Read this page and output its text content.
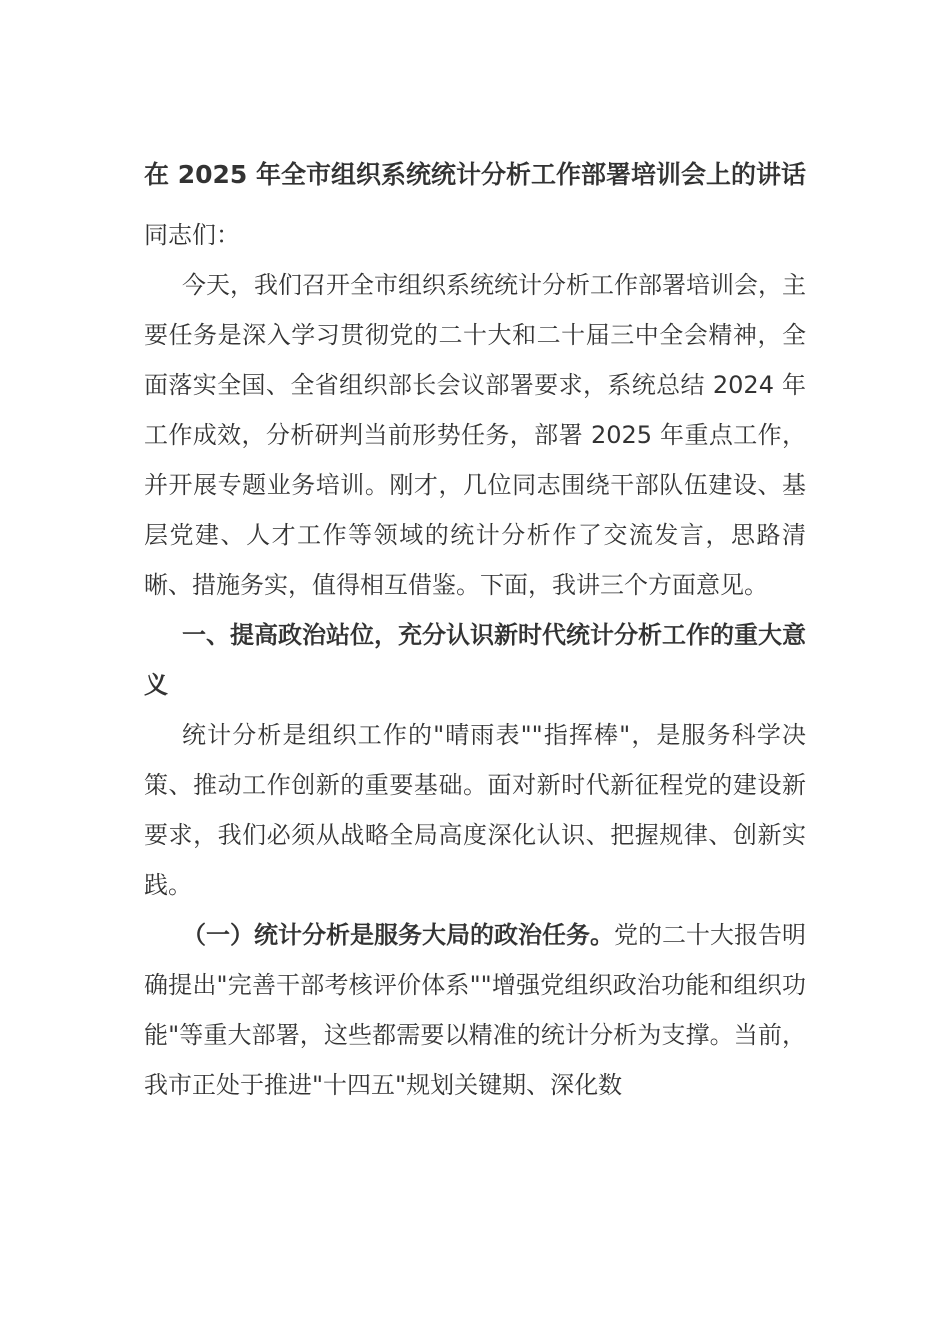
在 2025 年全市组织系统统计分析工作部署培训会上的讲话

同志们：

今天，我们召开全市组织系统统计分析工作部署培训会，主要任务是深入学习贯彻党的二十大和二十届三中全会精神，全面落实全国、全省组织部长会议部署要求，系统总结 2024 年工作成效，分析研判当前形势任务，部署 2025 年重点工作，并开展专题业务培训。刚才，几位同志围绕干部队伍建设、基层党建、人才工作等领域的统计分析作了交流发言，思路清晰、措施务实，值得相互借鉴。下面，我讲三个方面意见。

一、提高政治站位，充分认识新时代统计分析工作的重大意义

统计分析是组织工作的"晴雨表""指挥棒"，是服务科学决策、推动工作创新的重要基础。面对新时代新征程党的建设新要求，我们必须从战略全局高度深化认识、把握规律、创新实践。

（一）统计分析是服务大局的政治任务。党的二十大报告明确提出"完善干部考核评价体系""增强党组织政治功能和组织功能"等重大部署，这些都需要以精准的统计分析为支撑。当前，我市正处于推进"十四五"规划关键期、深化数
